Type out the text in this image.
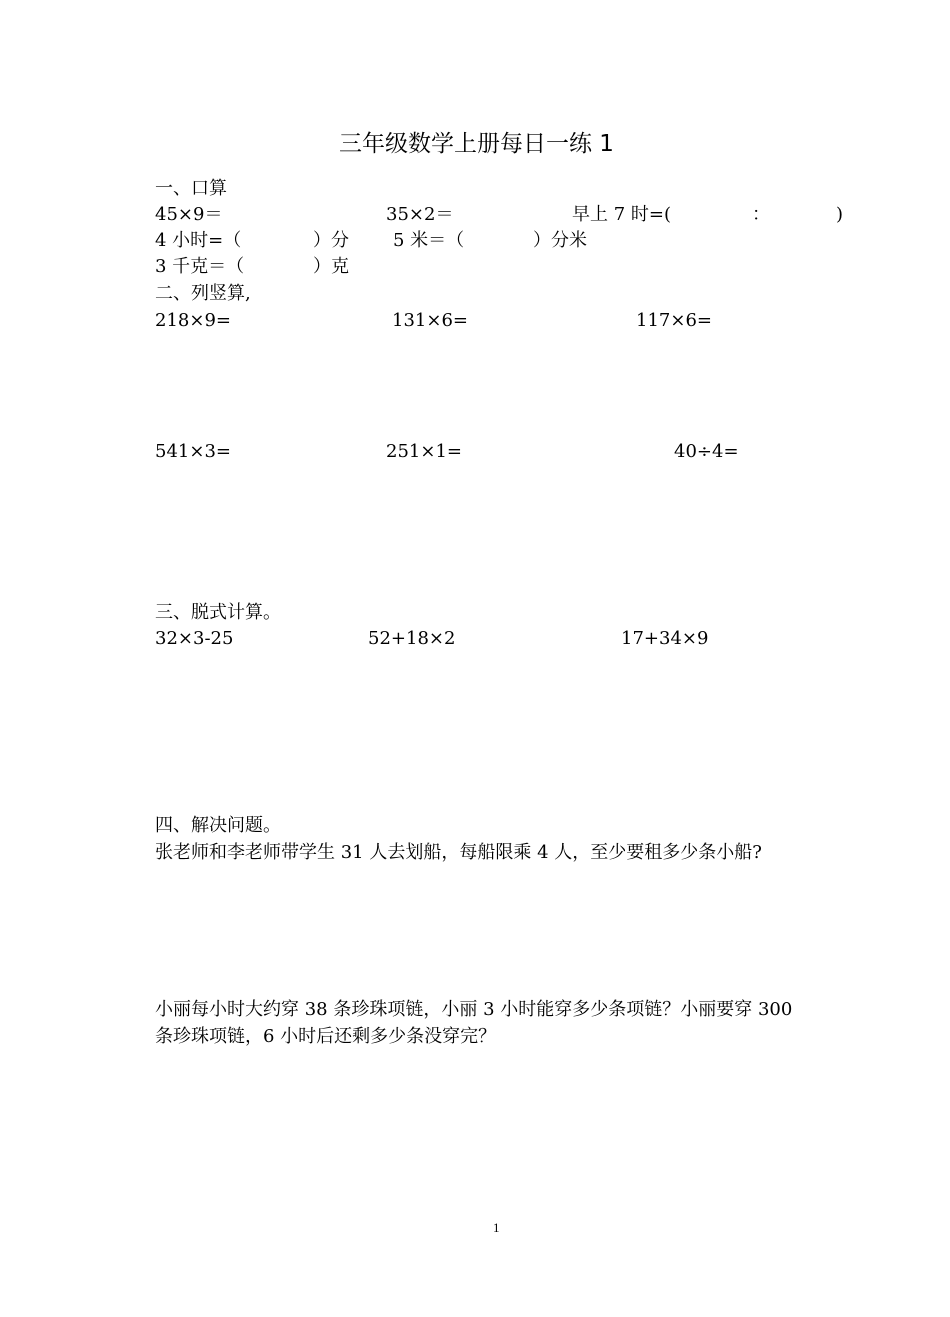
三年级数学上册每日一练 1
一、口算
45×9＝	35×2＝	早上 7 时=(	：	)
4 小时=（	）分 5 米＝（	）分米
3 千克＝（	）克
二、列竖算,
218×9=	131×6=	117×6=
541×3=	251×1=	40÷4=
三、脱式计算。
32×3-25	52+18×2	17+34×9
四、解决问题。
张老师和李老师带学生 31 人去划船，每船限乘 4 人，至少要租多少条小船?
小丽每小时大约穿 38 条珍珠项链，小丽 3 小时能穿多少条项链？小丽要穿 300
条珍珠项链，6 小时后还剩多少条没穿完？
1
